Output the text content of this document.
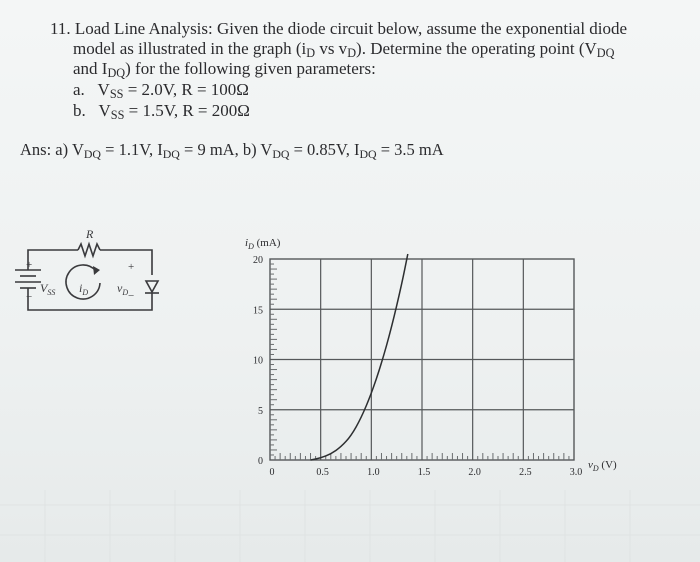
11. Load Line Analysis: Given the diode circuit below, assume the exponential diode
model as illustrated in the graph ($i_D$ vs $v_D$). Determine the operating point ($V_{DQ}$
and $I_{DQ}$) for the following given parameters:
a. $V_{SS} = 2.0V$, R = 100Ω
b. $V_{SS} = 1.5V$, R = 200Ω
Ans: a) $V_{DQ} = 1.1V$, $I_{DQ} = 9$ mA, b) $V_{DQ} = 0.85V$, $I_{DQ} = 3.5$ mA
R
$V_{SS}$ $i_D$ $v_D$
+
−
+
−
20
15
10
5
0
0	0.5	1.0	1.5	2.0	2.5	3.0
$i_D$ (mA)
$v_D$ (V)
